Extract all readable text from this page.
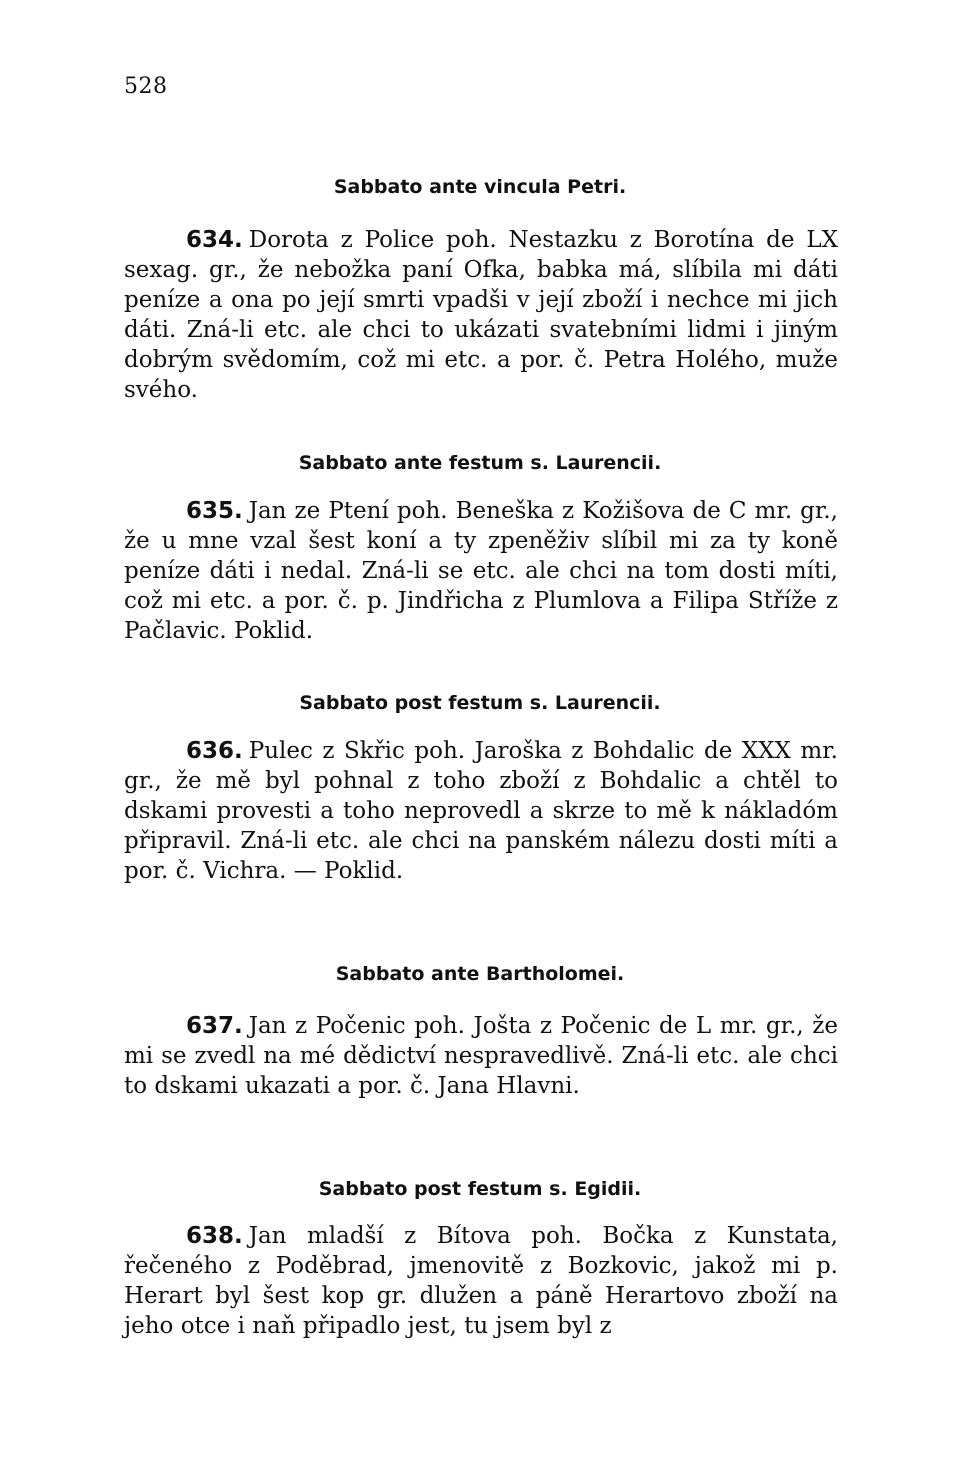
528
Sabbato ante vincula Petri.

634. Dorota z Police poh. Nestazku z Borotína de LX sexag. gr., že nebožka paní Ofka, babka má, slíbila mi dáti peníze a ona po její smrti vpadši v její zboží i nechce mi jich dáti. Zná-li etc. ale chci to ukázati svatebními lidmi i jiným dobrým svědomím, což mi etc. a por. č. Petra Holého, muže svého.

Sabbato ante festum s. Laurencii.

635. Jan ze Ptení poh. Beneška z Kožišova de C mr. gr., že u mne vzal šest koní a ty zpeněživ slíbil mi za ty koně peníze dáti i nedal. Zná-li se etc. ale chci na tom dosti míti, což mi etc. a por. č. p. Jindřicha z Plumlova a Filipa Stříže z Pačlavic. Poklid.

Sabbato post festum s. Laurencii.

636. Pulec z Skřic poh. Jaroška z Bohdalic de XXX mr. gr., že mě byl pohnal z toho zboží z Bohdalic a chtěl to dskami provesti a toho neprovedl a skrze to mě k nákladóm připravil. Zná-li etc. ale chci na panském nálezu dosti míti a por. č. Vichra. — Poklid.

Sabbato ante Bartholomei.

637. Jan z Počenic poh. Jošta z Počenic de L mr. gr., že mi se zvedl na mé dědictví nespravedlivě. Zná-li etc. ale chci to dskami ukazati a por. č. Jana Hlavni.

Sabbato post festum s. Egidii.

638. Jan mladší z Bítova poh. Bočka z Kunstata, řečeného z Poděbrad, jmenovitě z Bozkovic, jakož mi p. Herart byl šest kop gr. dlužen a páně Herartovo zboží na jeho otce i naň připadlo jest, tu jsem byl z
